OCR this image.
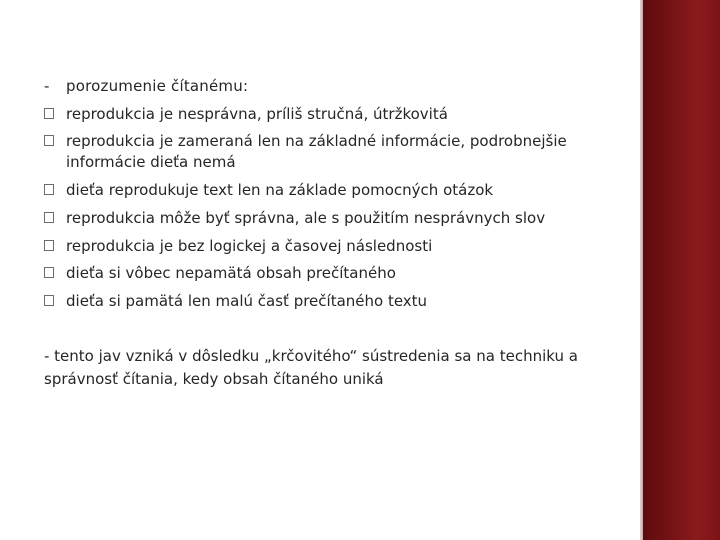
- porozumenie čítanému:
reprodukcia je nesprávna, príliš stručná, útržkovitá
reprodukcia je zameraná len na základné informácie, podrobnejšie informácie dieťa nemá
dieťa reprodukuje text len na základe pomocných otázok
reprodukcia môže byť správna, ale s použitím nesprávnych slov
reprodukcia je bez logickej a časovej následnosti
dieťa si vôbec nepamätá obsah prečítaného
dieťa si pamätá len malú časť prečítaného textu
- tento jav vzniká v dôsledku „krčovitého“ sústredenia sa na techniku a správnosť čítania, kedy obsah čítaného uniká
